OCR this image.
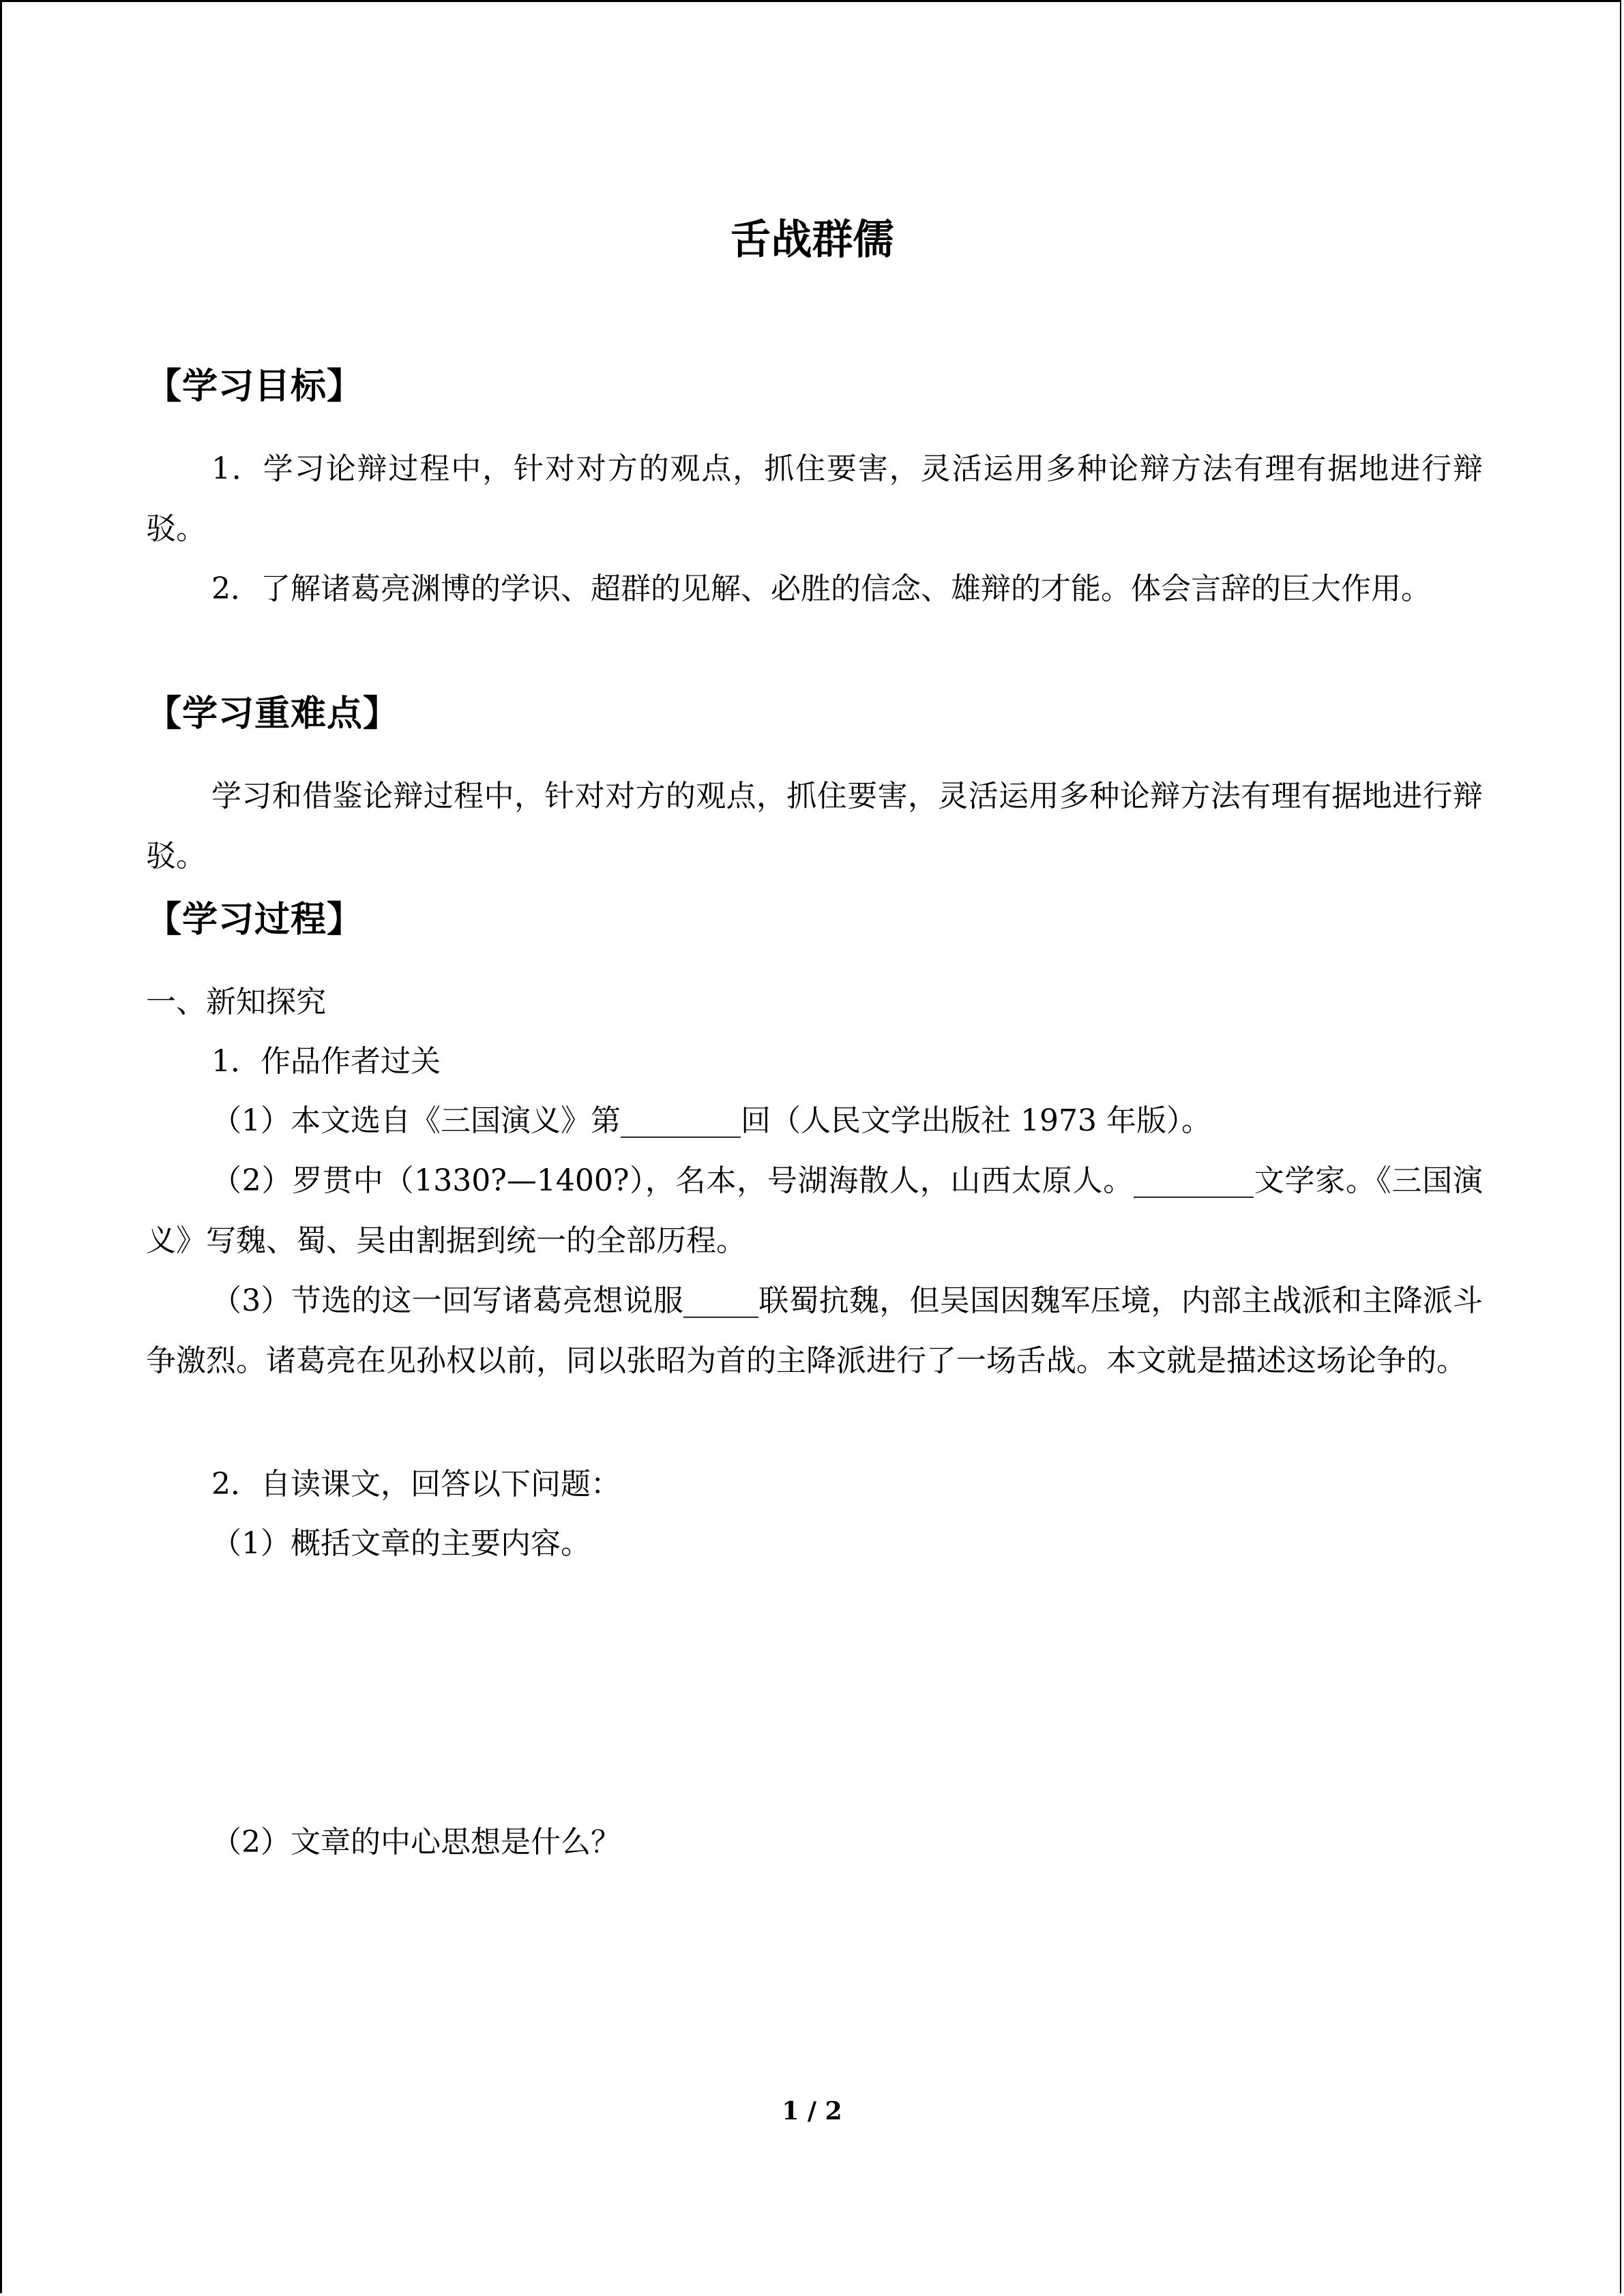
舌战群儒
【学习目标】
1．学习论辩过程中，针对对方的观点，抓住要害，灵活运用多种论辩方法有理有据地进行辩驳。
2．了解诸葛亮渊博的学识、超群的见解、必胜的信念、雄辩的才能。体会言辞的巨大作用。
【学习重难点】
学习和借鉴论辩过程中，针对对方的观点，抓住要害，灵活运用多种论辩方法有理有据地进行辩驳。
【学习过程】
一、新知探究
1．作品作者过关
（1）本文选自《三国演义》第________回（人民文学出版社 1973 年版）。
（2）罗贯中（1330?—1400?），名本，号湖海散人，山西太原人。________文学家。《三国演义》写魏、蜀、吴由割据到统一的全部历程。
（3）节选的这一回写诸葛亮想说服_____联蜀抗魏，但吴国因魏军压境，内部主战派和主降派斗争激烈。诸葛亮在见孙权以前，同以张昭为首的主降派进行了一场舌战。本文就是描述这场论争的。
2．自读课文，回答以下问题：
（1）概括文章的主要内容。
（2）文章的中心思想是什么？
1 / 2
